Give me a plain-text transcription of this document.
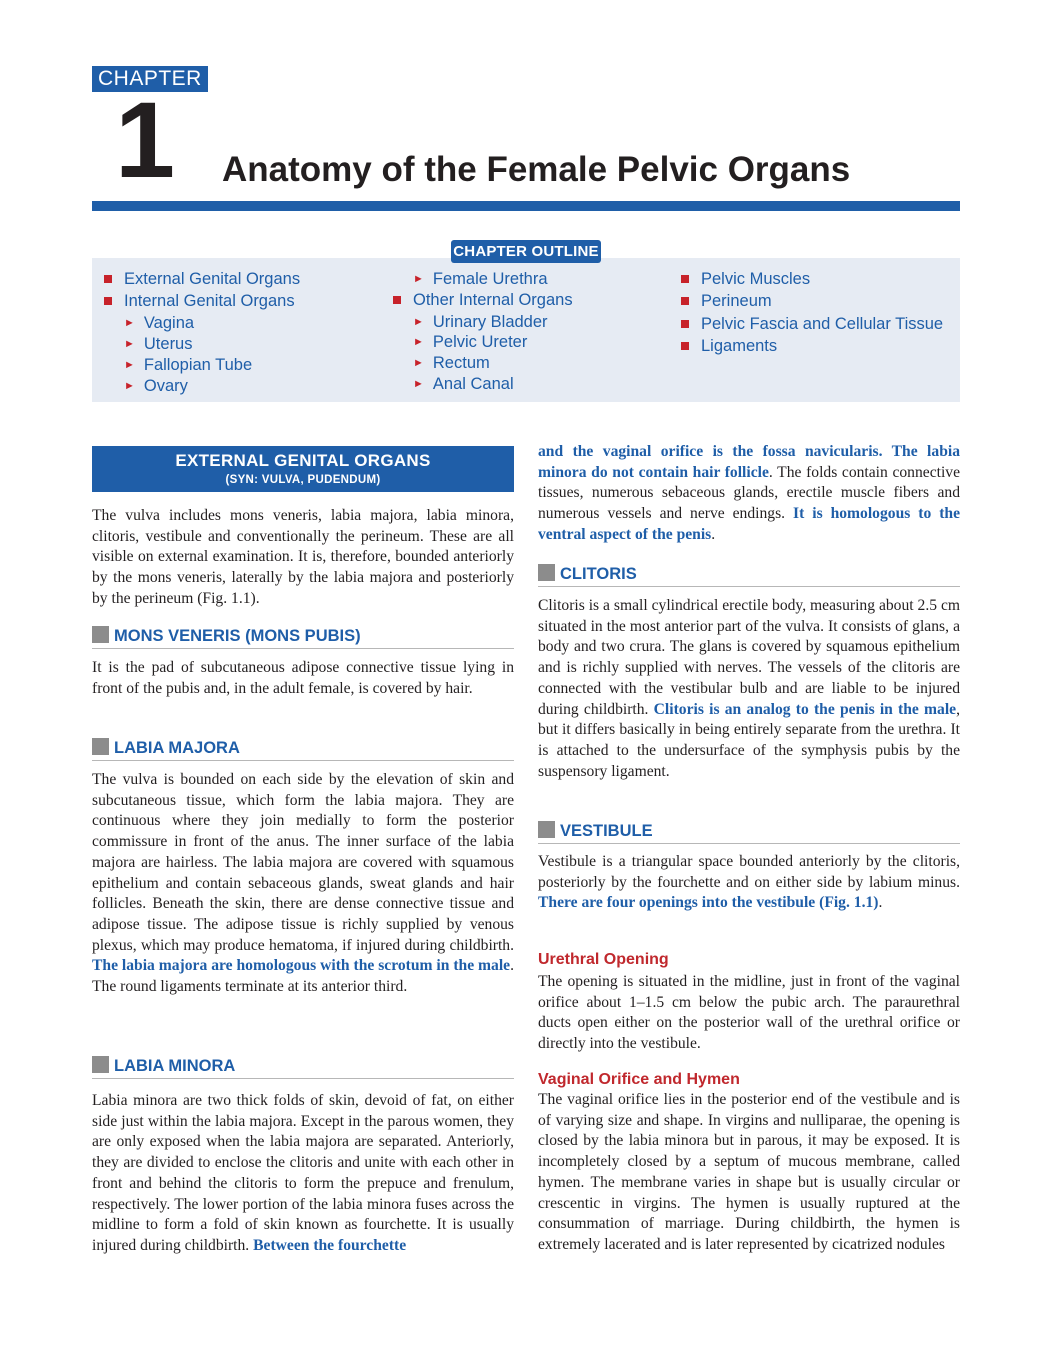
CHAPTER
1 Anatomy of the Female Pelvic Organs
CHAPTER OUTLINE
External Genital Organs
Internal Genital Organs
► Vagina
► Uterus
► Fallopian Tube
► Ovary
► Female Urethra
Other Internal Organs
► Urinary Bladder
► Pelvic Ureter
► Rectum
► Anal Canal
Pelvic Muscles
Perineum
Pelvic Fascia and Cellular Tissue
Ligaments
EXTERNAL GENITAL ORGANS
(SYN: VULVA, PUDENDUM)
The vulva includes mons veneris, labia majora, labia minora, clitoris, vestibule and conventionally the perineum. These are all visible on external examination. It is, therefore, bounded anteriorly by the mons veneris, laterally by the labia majora and posteriorly by the perineum (Fig. 1.1).
MONS VENERIS (MONS PUBIS)
It is the pad of subcutaneous adipose connective tissue lying in front of the pubis and, in the adult female, is covered by hair.
LABIA MAJORA
The vulva is bounded on each side by the elevation of skin and subcutaneous tissue, which form the labia majora. They are continuous where they join medially to form the posterior commissure in front of the anus. The inner surface of the labia majora are hairless. The labia majora are covered with squamous epithelium and contain sebaceous glands, sweat glands and hair follicles. Beneath the skin, there are dense connective tissue and adipose tissue. The adipose tissue is richly supplied by venous plexus, which may produce hematoma, if injured during childbirth. The labia majora are homologous with the scrotum in the male. The round ligaments terminate at its anterior third.
LABIA MINORA
Labia minora are two thick folds of skin, devoid of fat, on either side just within the labia majora. Except in the parous women, they are only exposed when the labia majora are separated. Anteriorly, they are divided to enclose the clitoris and unite with each other in front and behind the clitoris to form the prepuce and frenulum, respectively. The lower portion of the labia minora fuses across the midline to form a fold of skin known as fourchette. It is usually injured during childbirth. Between the fourchette
and the vaginal orifice is the fossa navicularis. The labia minora do not contain hair follicle. The folds contain connective tissues, numerous sebaceous glands, erectile muscle fibers and numerous vessels and nerve endings. It is homologous to the ventral aspect of the penis.
CLITORIS
Clitoris is a small cylindrical erectile body, measuring about 2.5 cm situated in the most anterior part of the vulva. It consists of glans, a body and two crura. The glans is covered by squamous epithelium and is richly supplied with nerves. The vessels of the clitoris are connected with the vestibular bulb and are liable to be injured during childbirth. Clitoris is an analog to the penis in the male, but it differs basically in being entirely separate from the urethra. It is attached to the undersurface of the symphysis pubis by the suspensory ligament.
VESTIBULE
Vestibule is a triangular space bounded anteriorly by the clitoris, posteriorly by the fourchette and on either side by labium minus. There are four openings into the vestibule (Fig. 1.1).
Urethral Opening
The opening is situated in the midline, just in front of the vaginal orifice about 1–1.5 cm below the pubic arch. The paraurethral ducts open either on the posterior wall of the urethral orifice or directly into the vestibule.
Vaginal Orifice and Hymen
The vaginal orifice lies in the posterior end of the vestibule and is of varying size and shape. In virgins and nulliparae, the opening is closed by the labia minora but in parous, it may be exposed. It is incompletely closed by a septum of mucous membrane, called hymen. The membrane varies in shape but is usually circular or crescentic in virgins. The hymen is usually ruptured at the consummation of marriage. During childbirth, the hymen is extremely lacerated and is later represented by cicatrized nodules
